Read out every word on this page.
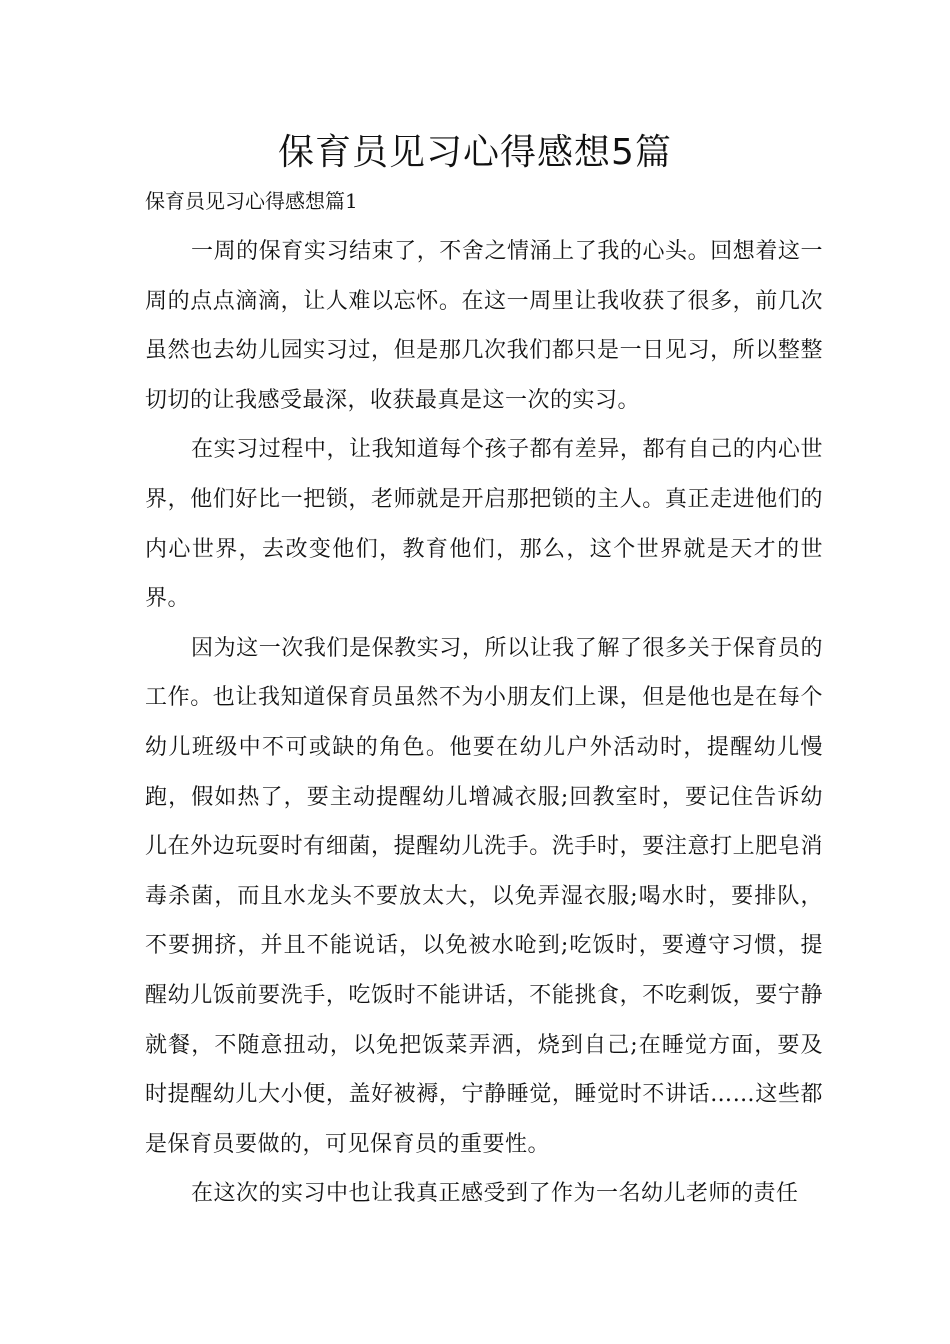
保育员见习心得感想5篇
保育员见习心得感想篇1

一周的保育实习结束了，不舍之情涌上了我的心头。回想着这一周的点点滴滴，让人难以忘怀。在这一周里让我收获了很多，前几次虽然也去幼儿园实习过，但是那几次我们都只是一日见习，所以整整切切的让我感受最深，收获最真是这一次的实习。

在实习过程中，让我知道每个孩子都有差异，都有自己的内心世界，他们好比一把锁，老师就是开启那把锁的主人。真正走进他们的内心世界，去改变他们，教育他们，那么，这个世界就是天才的世界。

因为这一次我们是保教实习，所以让我了解了很多关于保育员的工作。也让我知道保育员虽然不为小朋友们上课，但是他也是在每个幼儿班级中不可或缺的角色。他要在幼儿户外活动时，提醒幼儿慢跑，假如热了，要主动提醒幼儿增减衣服;回教室时，要记住告诉幼儿在外边玩耍时有细菌，提醒幼儿洗手。洗手时，要注意打上肥皂消毒杀菌，而且水龙头不要放太大，以免弄湿衣服;喝水时，要排队，不要拥挤，并且不能说话，以免被水呛到;吃饭时，要遵守习惯，提醒幼儿饭前要洗手，吃饭时不能讲话，不能挑食，不吃剩饭，要宁静就餐，不随意扭动，以免把饭菜弄洒，烧到自己;在睡觉方面，要及时提醒幼儿大小便，盖好被褥，宁静睡觉，睡觉时不讲话……这些都是保育员要做的，可见保育员的重要性。

在这次的实习中也让我真正感受到了作为一名幼儿老师的责任
